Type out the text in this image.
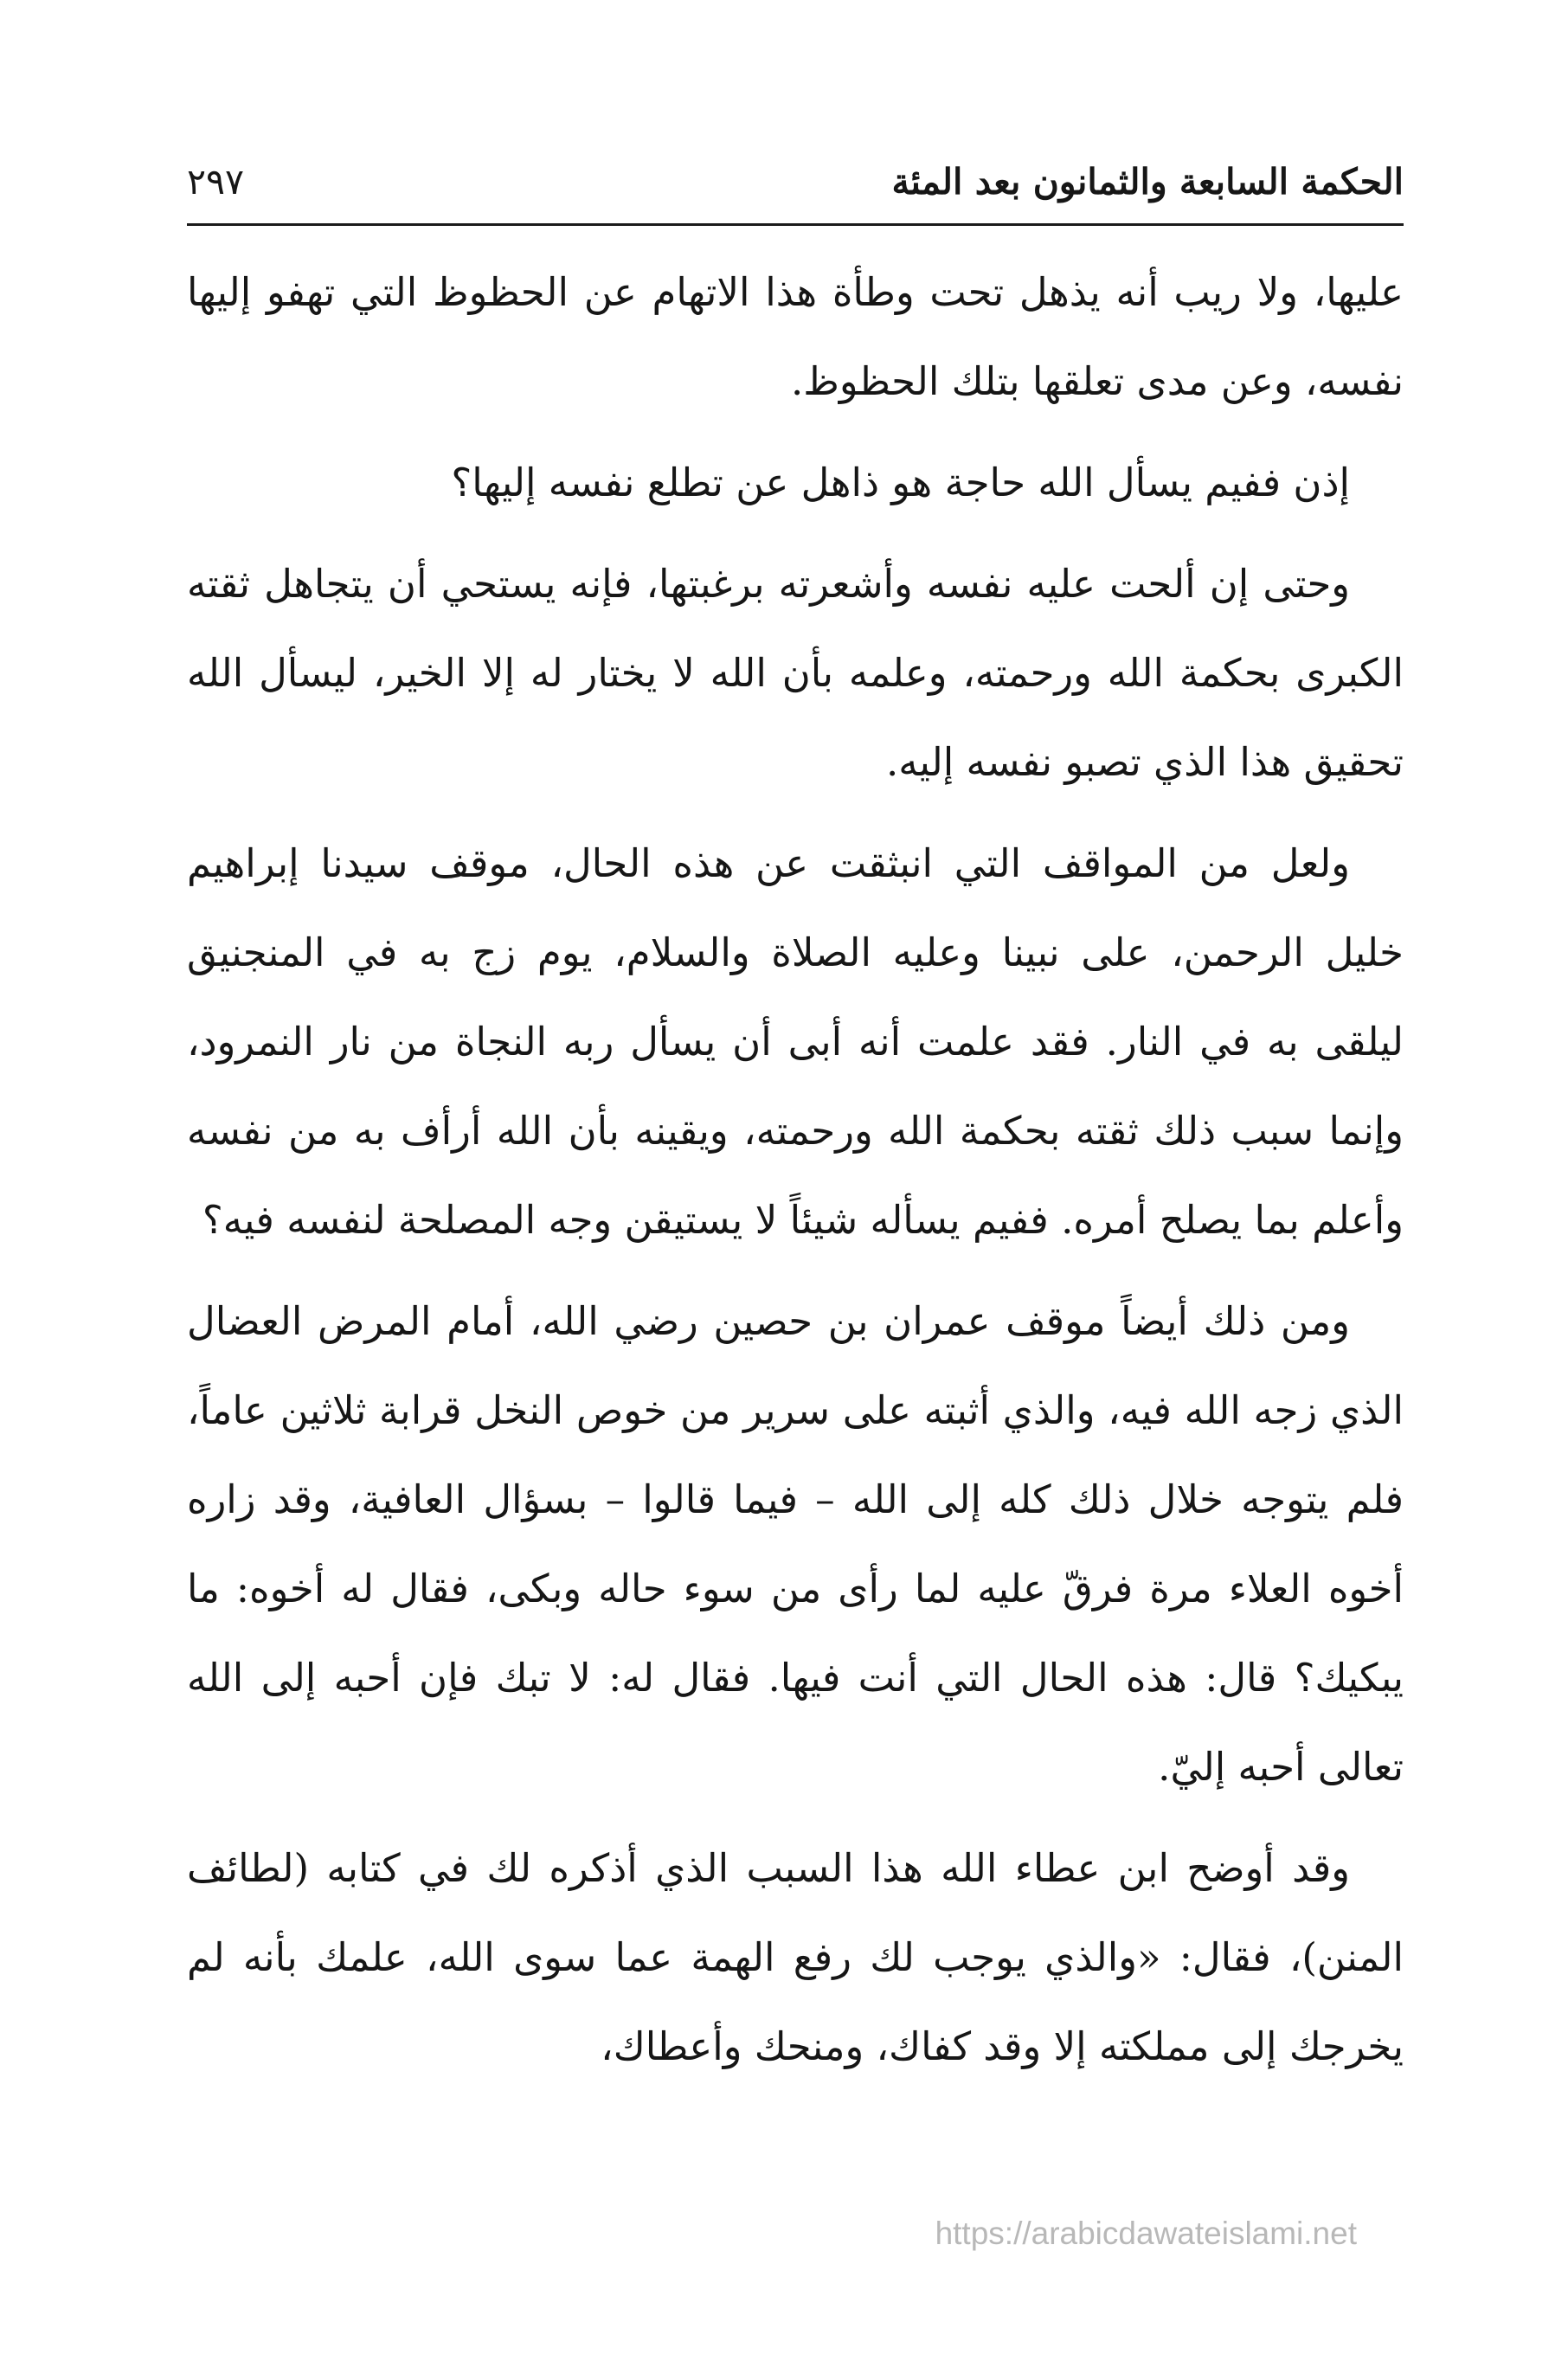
الحكمة السابعة والثمانون بعد المئة
٢٩٧

عليها، ولا ريب أنه يذهل تحت وطأة هذا الاتهام عن الحظوظ التي تهفو إليها نفسه، وعن مدى تعلقها بتلك الحظوظ.

إذن ففيم يسأل الله حاجة هو ذاهل عن تطلع نفسه إليها؟

وحتى إن ألحت عليه نفسه وأشعرته برغبتها، فإنه يستحي أن يتجاهل ثقته الكبرى بحكمة الله ورحمته، وعلمه بأن الله لا يختار له إلا الخير، ليسأل الله تحقيق هذا الذي تصبو نفسه إليه.

ولعل من المواقف التي انبثقت عن هذه الحال، موقف سيدنا إبراهيم خليل الرحمن، على نبينا وعليه الصلاة والسلام، يوم زج به في المنجنيق ليلقى به في النار. فقد علمت أنه أبى أن يسأل ربه النجاة من نار النمرود، وإنما سبب ذلك ثقته بحكمة الله ورحمته، ويقينه بأن الله أرأف به من نفسه وأعلم بما يصلح أمره. ففيم يسأله شيئاً لا يستيقن وجه المصلحة لنفسه فيه؟

ومن ذلك أيضاً موقف عمران بن حصين رضي الله، أمام المرض العضال الذي زجه الله فيه، والذي أثبته على سرير من خوص النخل قرابة ثلاثين عاماً، فلم يتوجه خلال ذلك كله إلى الله – فيما قالوا – بسؤال العافية، وقد زاره أخوه العلاء مرة فرقّ عليه لما رأى من سوء حاله وبكى، فقال له أخوه: ما يبكيك؟ قال: هذه الحال التي أنت فيها. فقال له: لا تبك فإن أحبه إلى الله تعالى أحبه إليّ.

وقد أوضح ابن عطاء الله هذا السبب الذي أذكره لك في كتابه (لطائف المنن)، فقال: «والذي يوجب لك رفع الهمة عما سوى الله، علمك بأنه لم يخرجك إلى مملكته إلا وقد كفاك، ومنحك وأعطاك،

https://arabicdawateislami.net
